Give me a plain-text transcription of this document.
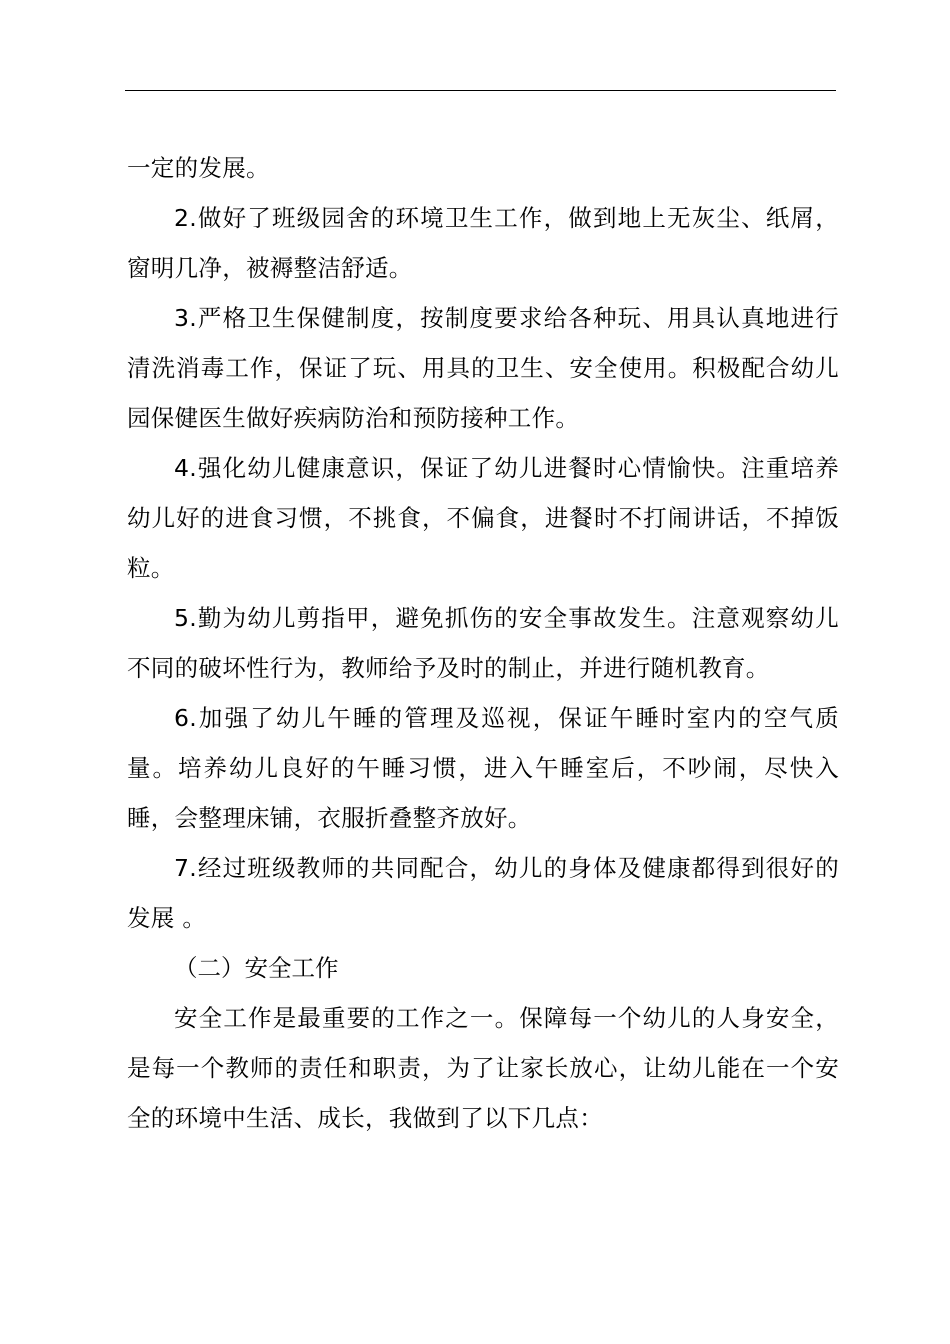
一定的发展。

2.做好了班级园舍的环境卫生工作，做到地上无灰尘、纸屑，窗明几净，被褥整洁舒适。

3.严格卫生保健制度，按制度要求给各种玩、用具认真地进行清洗消毒工作，保证了玩、用具的卫生、安全使用。积极配合幼儿园保健医生做好疾病防治和预防接种工作。

4.强化幼儿健康意识，保证了幼儿进餐时心情愉快。注重培养幼儿好的进食习惯，不挑食，不偏食，进餐时不打闹讲话，不掉饭粒。

5.勤为幼儿剪指甲，避免抓伤的安全事故发生。注意观察幼儿不同的破坏性行为，教师给予及时的制止，并进行随机教育。

6.加强了幼儿午睡的管理及巡视，保证午睡时室内的空气质量。培养幼儿良好的午睡习惯，进入午睡室后，不吵闹，尽快入睡，会整理床铺，衣服折叠整齐放好。

7.经过班级教师的共同配合，幼儿的身体及健康都得到很好的发展 。

（二）安全工作

安全工作是最重要的工作之一。保障每一个幼儿的人身安全，是每一个教师的责任和职责，为了让家长放心，让幼儿能在一个安全的环境中生活、成长，我做到了以下几点：
